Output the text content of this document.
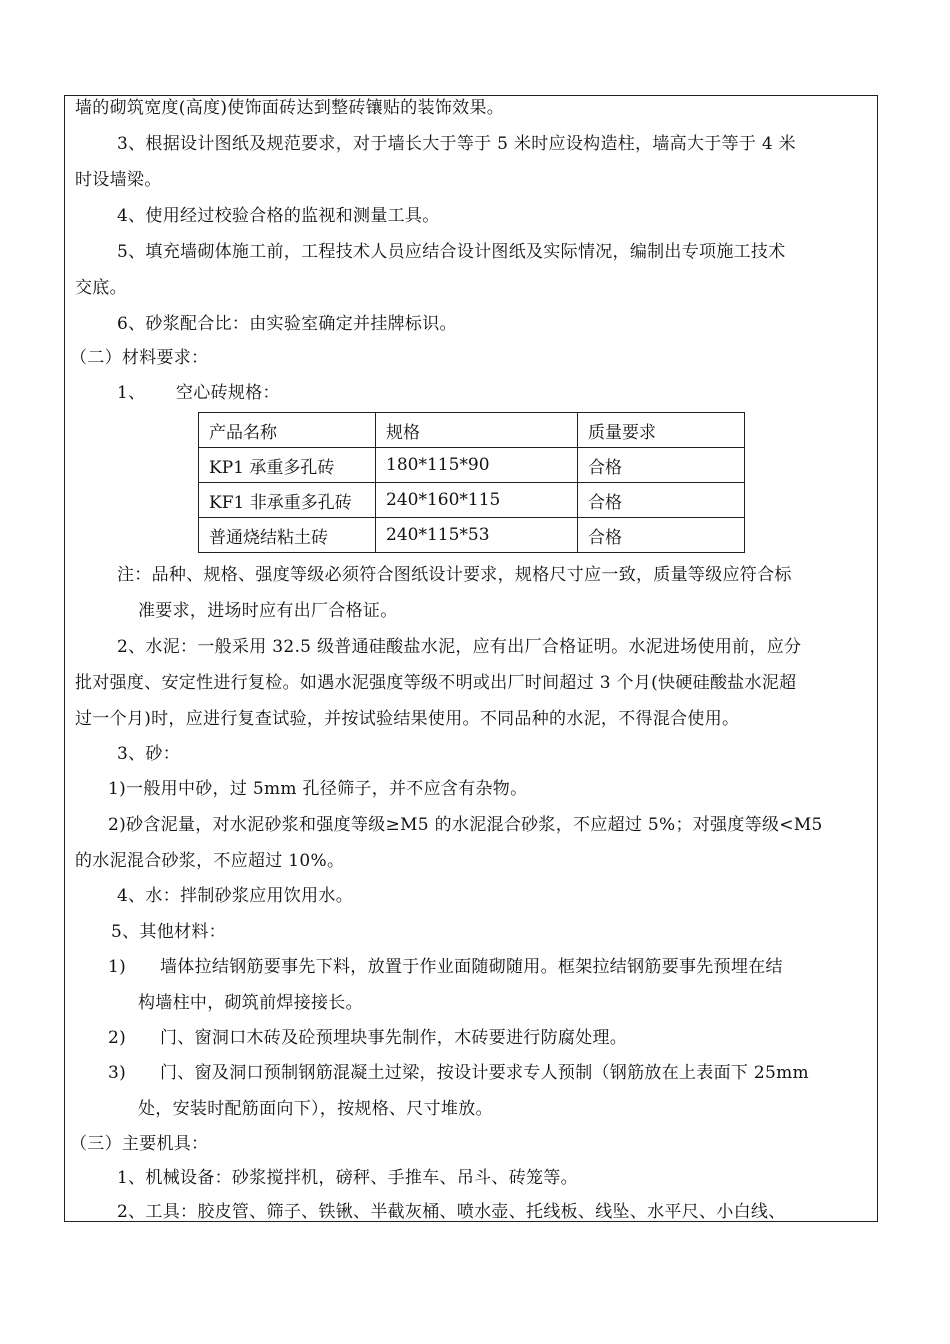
墙的砌筑宽度(高度)使饰面砖达到整砖镶贴的装饰效果。
3、根据设计图纸及规范要求，对于墙长大于等于 5 米时应设构造柱，墙高大于等于 4 米
时设墙梁。
4、使用经过校验合格的监视和测量工具。
5、填充墙砌体施工前，工程技术人员应结合设计图纸及实际情况，编制出专项施工技术
交底。
6、砂浆配合比：由实验室确定并挂牌标识。
（二）材料要求：
1、 空心砖规格：
产品名称	规格	质量要求
KP1 承重多孔砖	180*115*90	合格
KF1 非承重多孔砖	240*160*115	合格
普通烧结粘土砖	240*115*53	合格
注：品种、规格、强度等级必须符合图纸设计要求，规格尺寸应一致，质量等级应符合标
准要求，进场时应有出厂合格证。
2、水泥：一般采用 32.5 级普通硅酸盐水泥，应有出厂合格证明。水泥进场使用前，应分
批对强度、安定性进行复检。如遇水泥强度等级不明或出厂时间超过 3 个月(快硬硅酸盐水泥超
过一个月)时，应进行复查试验，并按试验结果使用。不同品种的水泥，不得混合使用。
3、砂：
1)一般用中砂，过 5mm 孔径筛子，并不应含有杂物。
2)砂含泥量，对水泥砂浆和强度等级≥M5 的水泥混合砂浆，不应超过 5%；对强度等级<M5
的水泥混合砂浆，不应超过 10%。
4、水：拌制砂浆应用饮用水。
5、其他材料：
1) 墙体拉结钢筋要事先下料，放置于作业面随砌随用。框架拉结钢筋要事先预埋在结
构墙柱中，砌筑前焊接接长。
2) 门、窗洞口木砖及砼预埋块事先制作，木砖要进行防腐处理。
3) 门、窗及洞口预制钢筋混凝土过梁，按设计要求专人预制（钢筋放在上表面下 25mm
处，安装时配筋面向下），按规格、尺寸堆放。
（三）主要机具：
1、机械设备：砂浆搅拌机，磅秤、手推车、吊斗、砖笼等。
2、工具：胶皮管、筛子、铁锹、半截灰桶、喷水壶、托线板、线坠、水平尺、小白线、
